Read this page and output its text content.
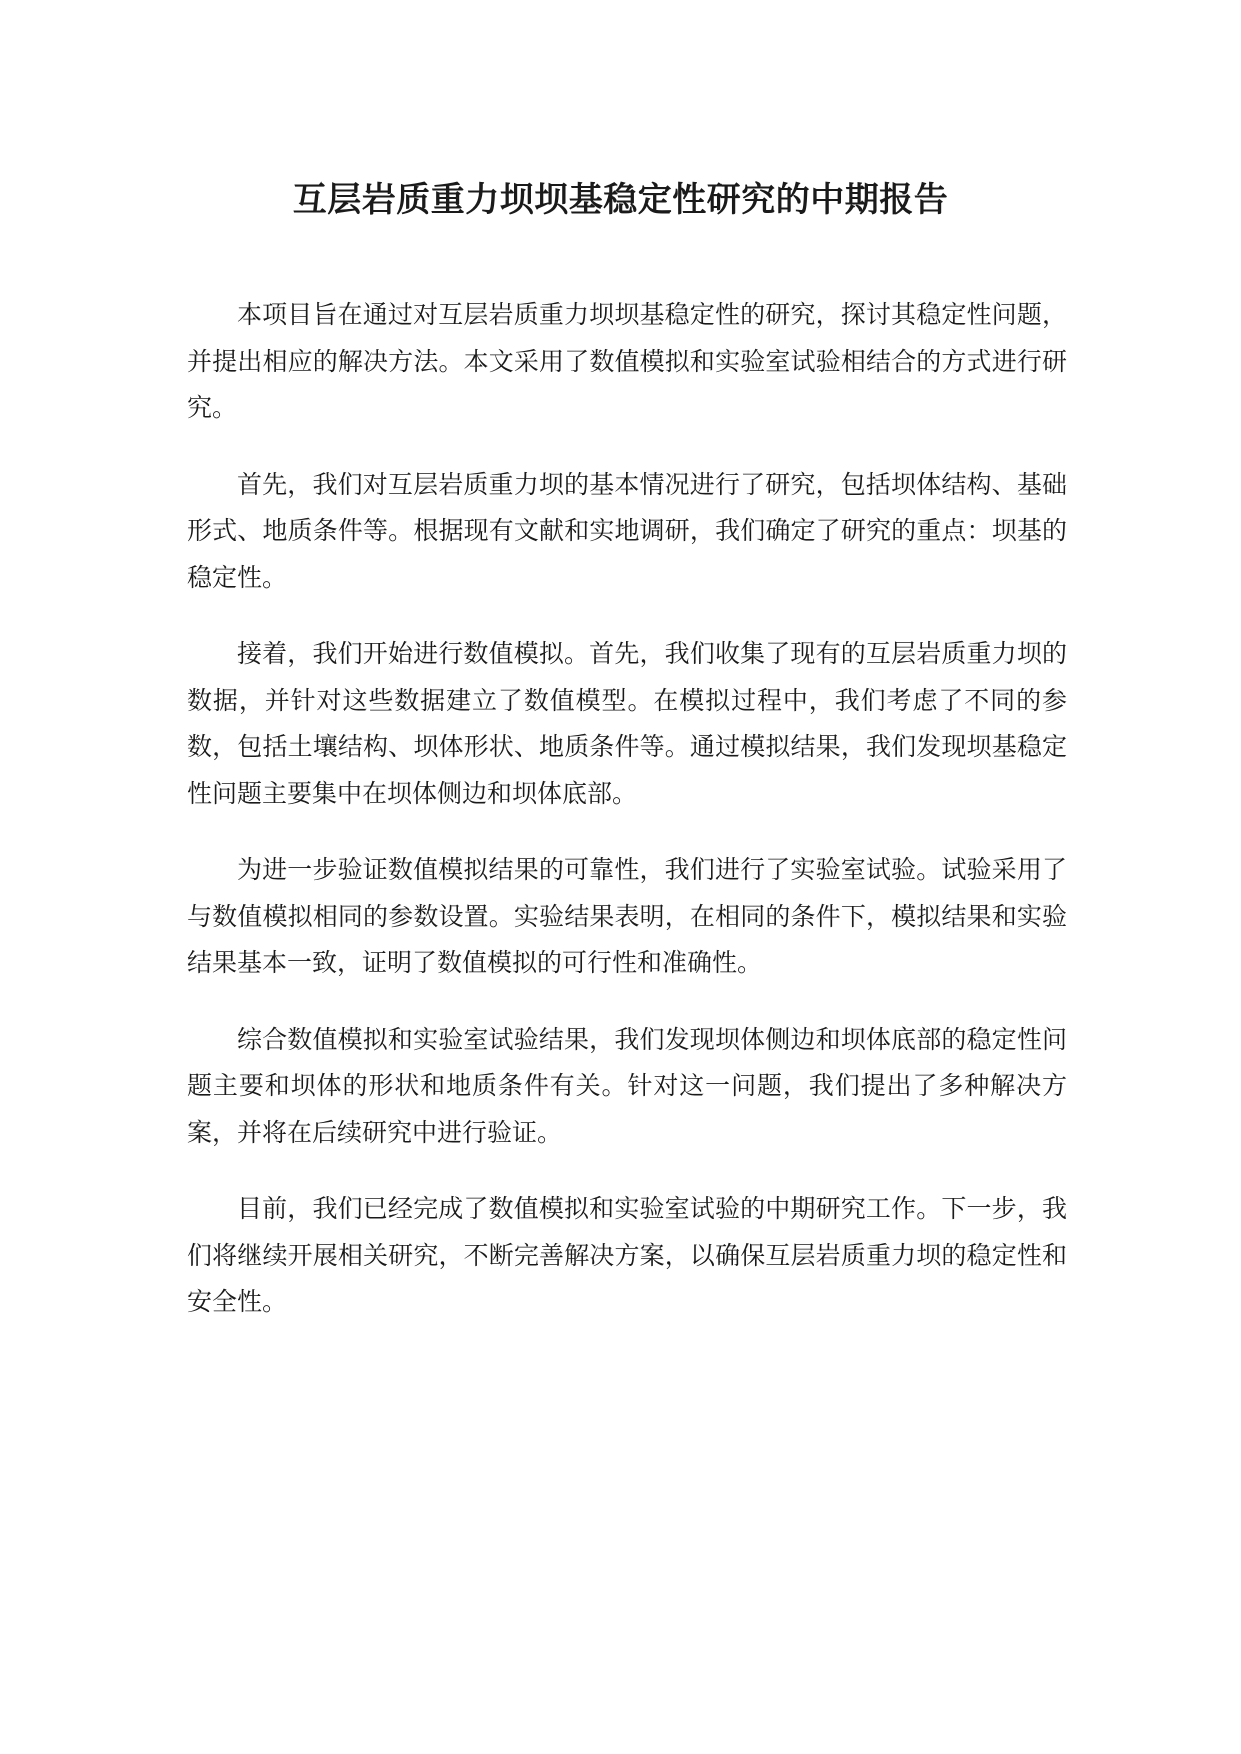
互层岩质重力坝坝基稳定性研究的中期报告

本项目旨在通过对互层岩质重力坝坝基稳定性的研究，探讨其稳定性问题，并提出相应的解决方法。本文采用了数值模拟和实验室试验相结合的方式进行研究。

首先，我们对互层岩质重力坝的基本情况进行了研究，包括坝体结构、基础形式、地质条件等。根据现有文献和实地调研，我们确定了研究的重点：坝基的稳定性。

接着，我们开始进行数值模拟。首先，我们收集了现有的互层岩质重力坝的数据，并针对这些数据建立了数值模型。在模拟过程中，我们考虑了不同的参数，包括土壤结构、坝体形状、地质条件等。通过模拟结果，我们发现坝基稳定性问题主要集中在坝体侧边和坝体底部。

为进一步验证数值模拟结果的可靠性，我们进行了实验室试验。试验采用了与数值模拟相同的参数设置。实验结果表明，在相同的条件下，模拟结果和实验结果基本一致，证明了数值模拟的可行性和准确性。

综合数值模拟和实验室试验结果，我们发现坝体侧边和坝体底部的稳定性问题主要和坝体的形状和地质条件有关。针对这一问题，我们提出了多种解决方案，并将在后续研究中进行验证。

目前，我们已经完成了数值模拟和实验室试验的中期研究工作。下一步，我们将继续开展相关研究，不断完善解决方案，以确保互层岩质重力坝的稳定性和安全性。
